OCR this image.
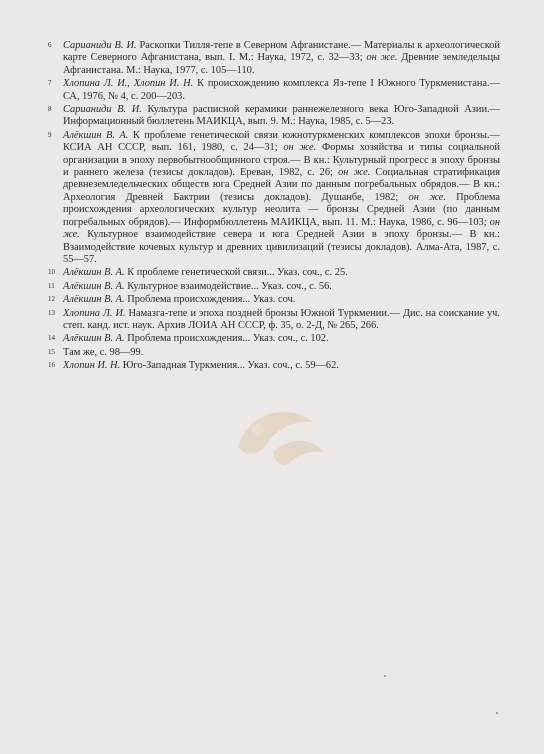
6 Сарианиди В. И. Раскопки Тилля-тепе в Северном Афганистане.— Материалы к археологической карте Северного Афганистана, вып. I. М.: Наука, 1972, с. 32—33; он же. Древние земледельцы Афганистана. М.: Наука, 1977, с. 105—110.
7 Хлопина Л. И., Хлопин И. Н. К происхождению комплекса Яз-тепе I Южного Туркменистана.— СА, 1976, № 4, с. 200—203.
8 Сарианиди В. И. Культура расписной керамики раннежелезного века Юго-Западной Азии.— Информационный бюллетень МАИКЦА, вып. 9. М.: Наука, 1985, с. 5—23.
9 Алёкшин В. А. К проблеме генетической связи южнотуркменских комплексов эпохи бронзы.— КСИА АН СССР, вып. 161, 1980, с. 24—31; он же. Формы хозяйства и типы социальной организации в эпоху первобытнообщинного строя.— В кн.: Культурный прогресс в эпоху бронзы и раннего железа (тезисы докладов). Ереван, 1982, с. 26; он же. Социальная стратификация древнеземледельческих обществ юга Средней Азии по данным погребальных обрядов.— В кн.: Археология Древней Бактрии (тезисы докладов). Душанбе, 1982; он же. Проблема происхождения археологических культур неолита — бронзы Средней Азии (по данным погребальных обрядов).— Информбюллетень МАИКЦА, вып. 11. М.: Наука, 1986, с. 96—103; он же. Культурное взаимодействие севера и юга Средней Азии в эпоху бронзы.— В кн.: Взаимодействие кочевых культур и древних цивилизаций (тезисы докладов). Алма-Ата, 1987, с. 55—57.
10 Алёкшин В. А. К проблеме генетической связи... Указ. соч., с. 25.
11 Алёкшин В. А. Культурное взаимодействие... Указ. соч., с. 56.
12 Алёкшин В. А. Проблема происхождения... Указ. соч.
13 Хлопина Л. И. Намазга-тепе и эпоха поздней бронзы Южной Туркмении.— Дис. на соискание уч. степ. канд. ист. наук. Архив ЛОИА АН СССР, ф. 35, о. 2-Д, № 265, 266.
14 Алёкшин В. А. Проблема происхождения... Указ. соч., с. 102.
15 Там же, с. 98—99.
16 Хлопин И. Н. Юго-Западная Туркмения... Указ. соч., с. 59—62.
